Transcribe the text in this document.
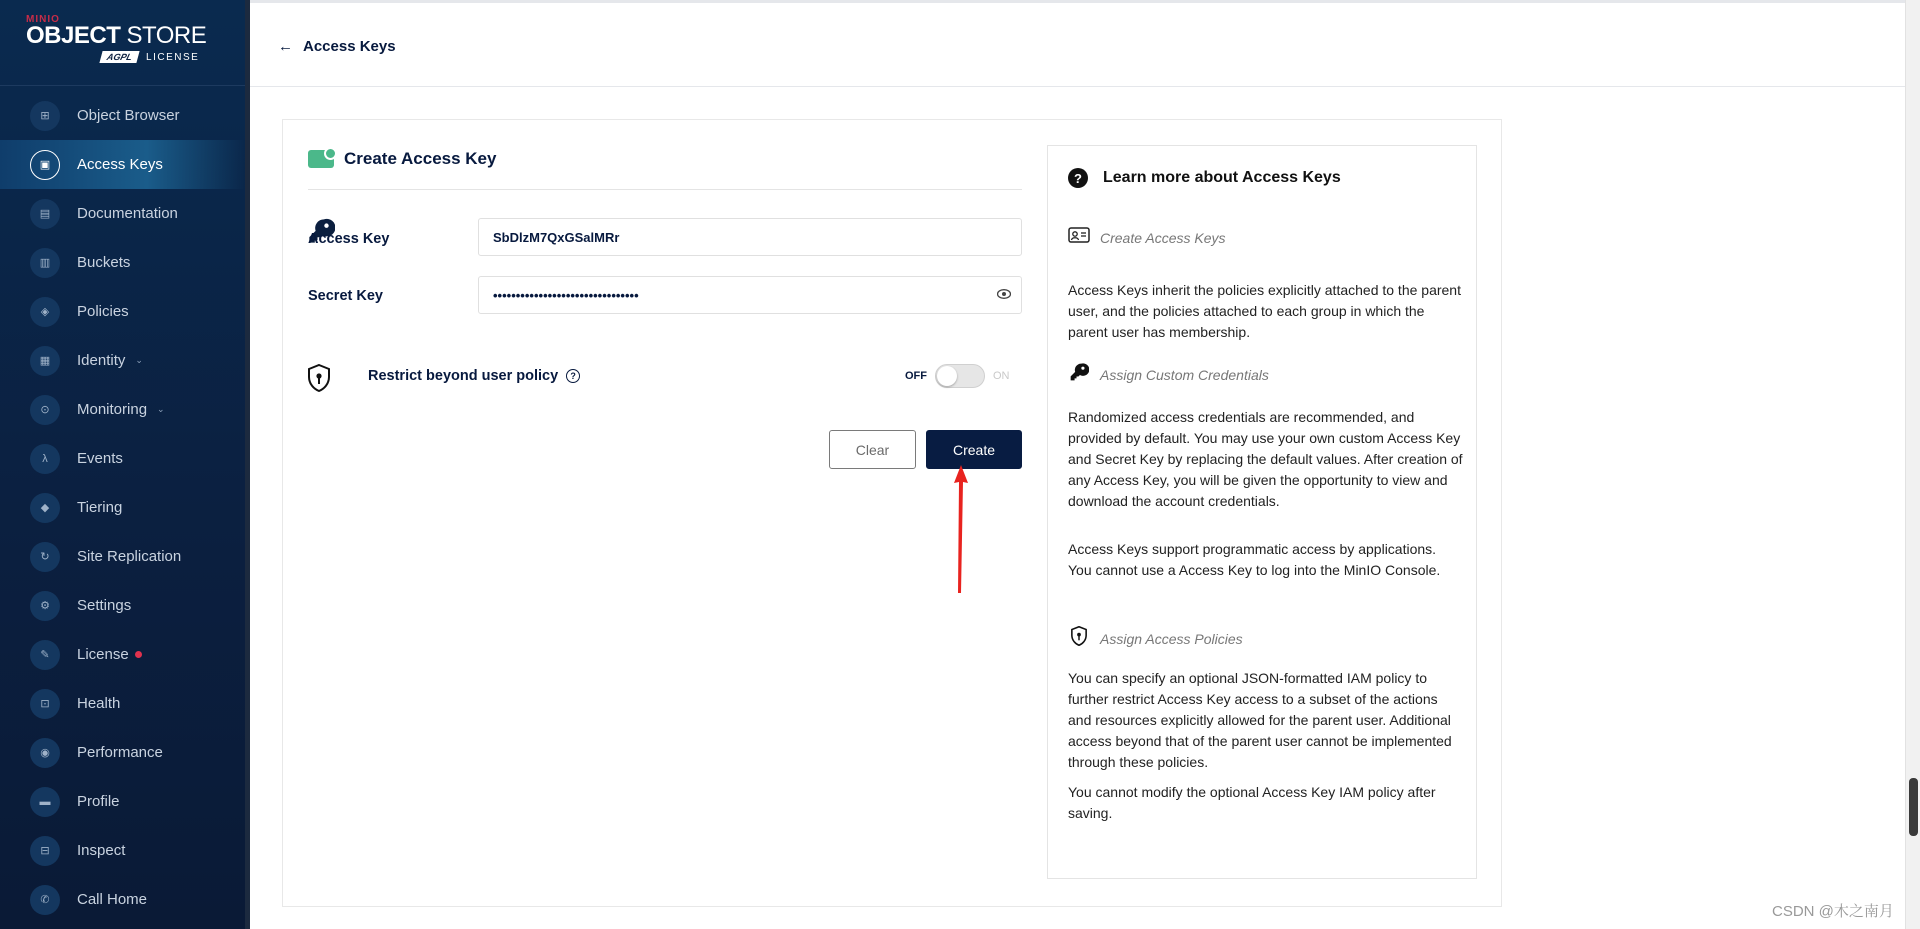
MINIO
OBJECT STORE
AGPL	LICENSE
⊞	Object Browser
▣	Access Keys
▤	Documentation
▥	Buckets
◈	Policies
▦	Identity ⌄
⊙	Monitoring ⌄
λ	Events
◆	Tiering
↻	Site Replication
⚙	Settings
✎	License
⊡	Health
◉	Performance
▬	Profile
⊟	Inspect
✆	Call Home
← Access Keys
Create Access Key
Access Key	SbDlzM7QxGSalMRr
Secret Key	••••••••••••••••••••••••••••••••
Restrict beyond user policy	?	OFF	ON
Clear	Create
?	Learn more about Access Keys
Create Access Keys
Access Keys inherit the policies explicitly attached to the parent user, and the policies attached to each group in which the parent user has membership.
Assign Custom Credentials
Randomized access credentials are recommended, and provided by default. You may use your own custom Access Key and Secret Key by replacing the default values. After creation of any Access Key, you will be given the opportunity to view and download the account credentials.
Access Keys support programmatic access by applications. You cannot use a Access Key to log into the MinIO Console.
Assign Access Policies
You can specify an optional JSON-formatted IAM policy to further restrict Access Key access to a subset of the actions and resources explicitly allowed for the parent user. Additional access beyond that of the parent user cannot be implemented through these policies.
You cannot modify the optional Access Key IAM policy after saving.
CSDN @木之南月
